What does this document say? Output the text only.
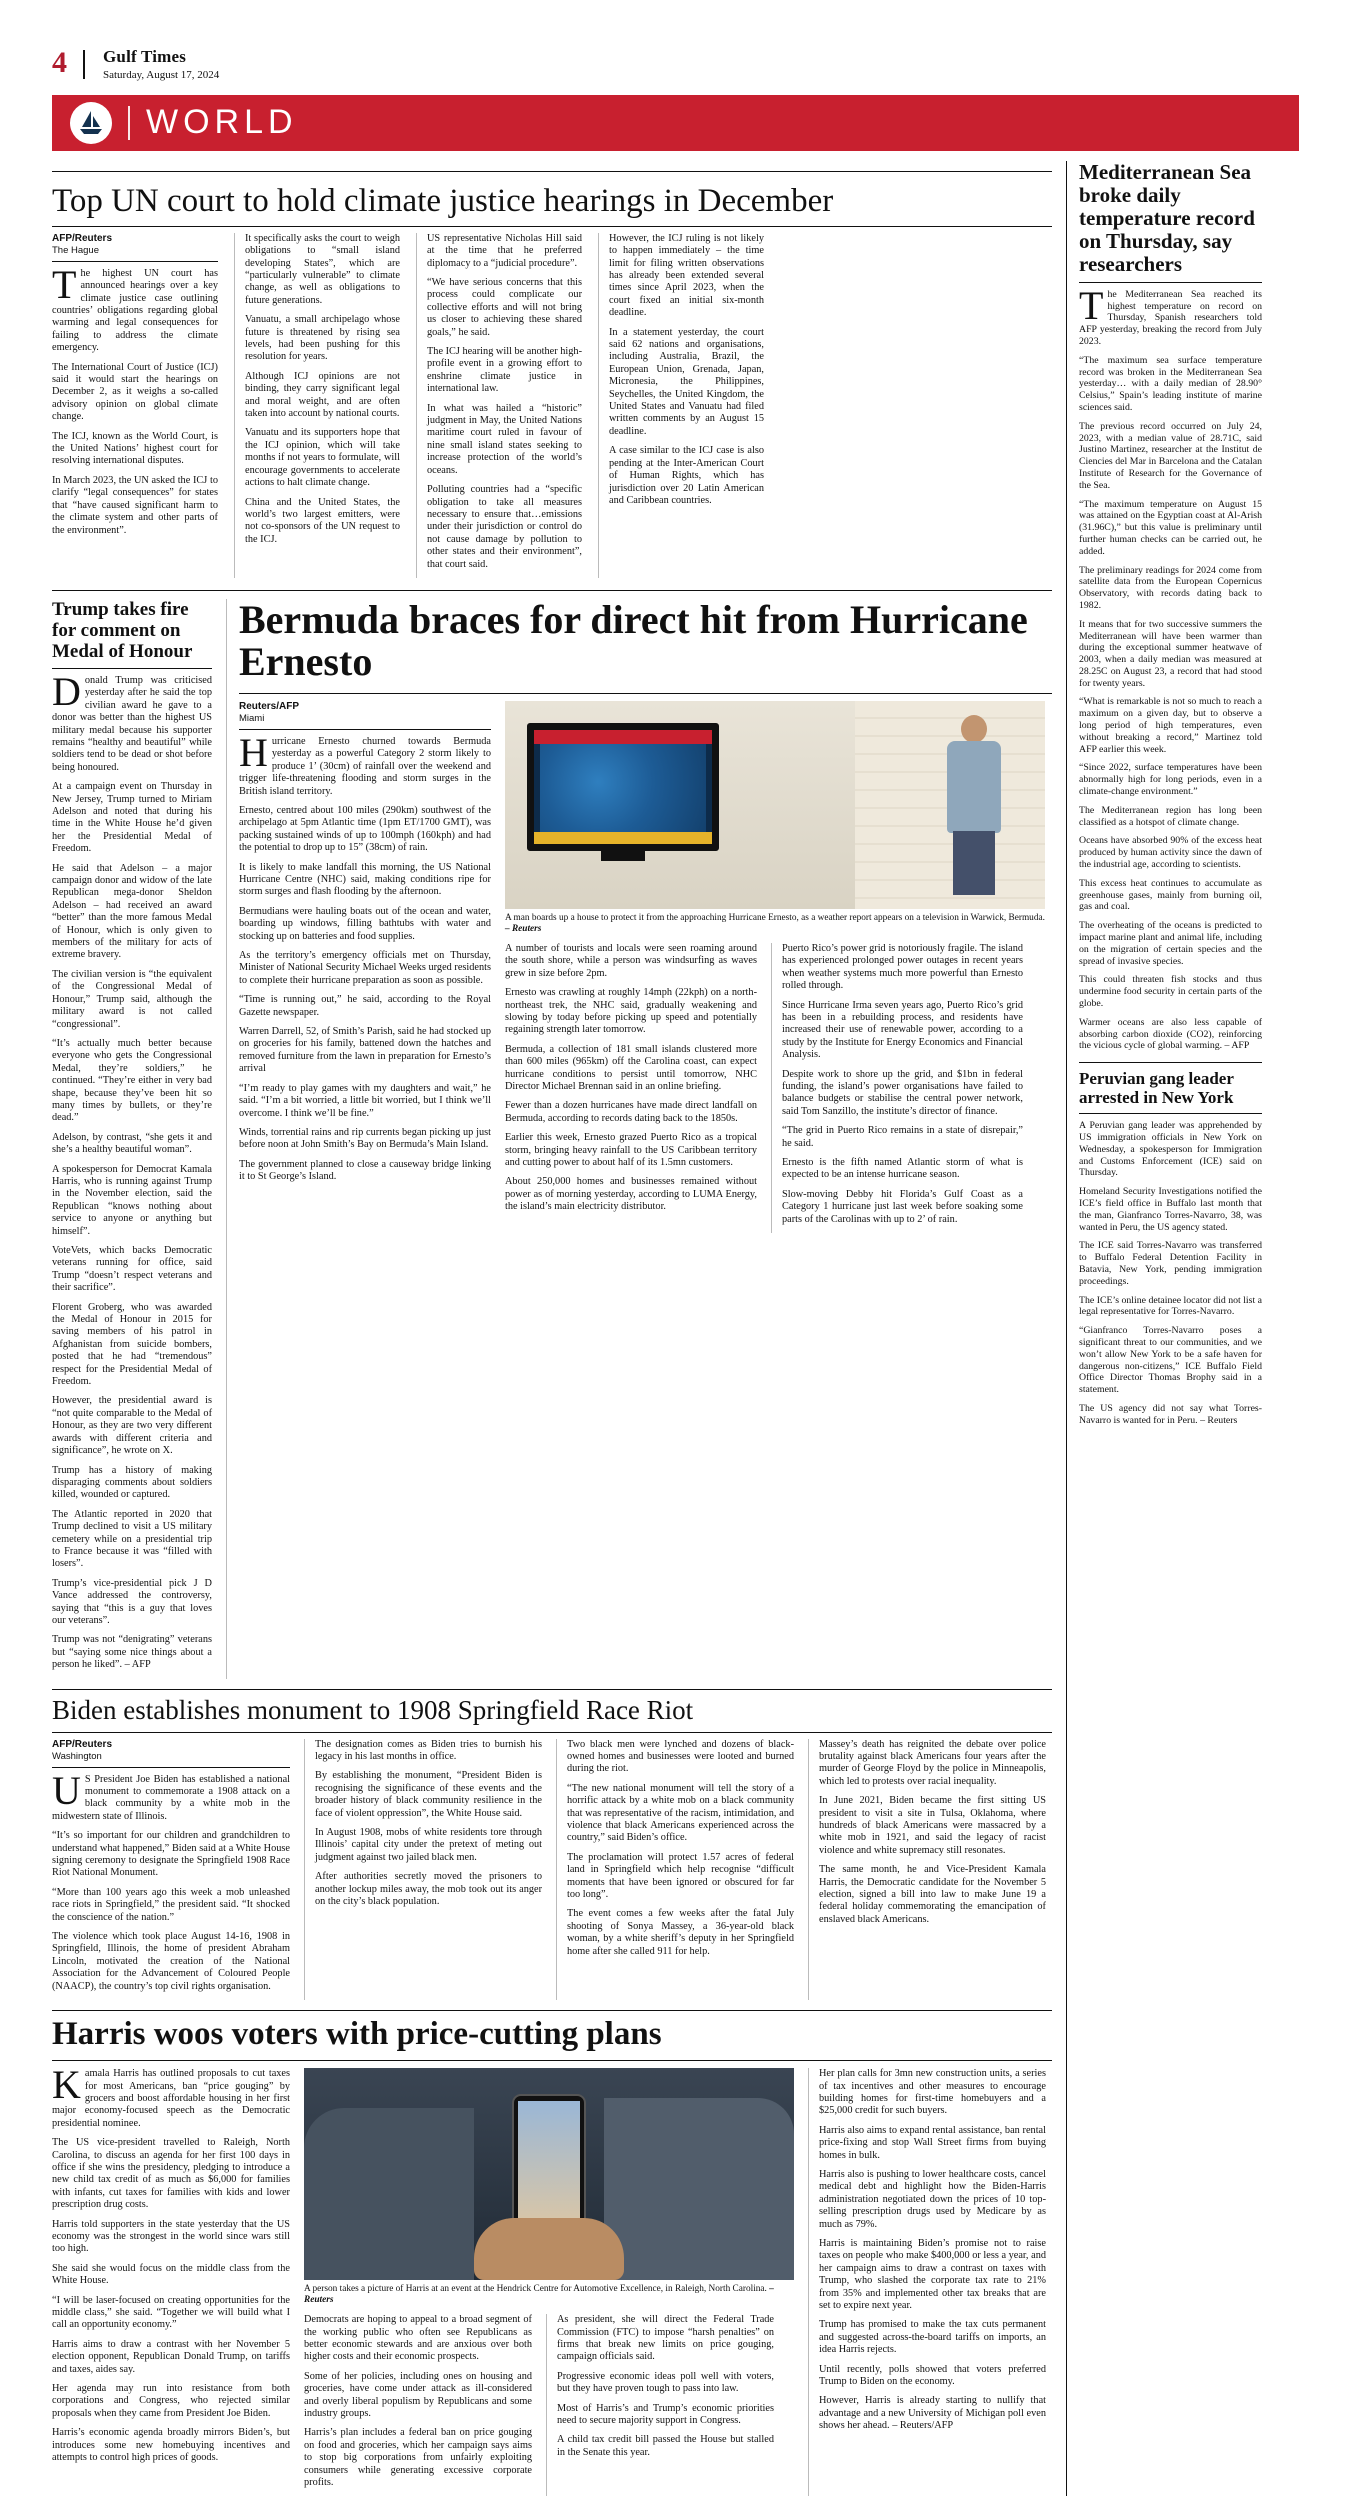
4 Gulf Times
Saturday, August 17, 2024
WORLD
Top UN court to hold climate justice hearings in December
AFP/Reuters
The Hague

The highest UN court has announced hearings over a key climate justice case outlining countries’ obligations regarding global warming and legal consequences for failing to address the climate emergency.

The International Court of Justice (ICJ) said it would start the hearings on December 2, as it weighs a so-called advisory opinion on global climate change.

The ICJ, known as the World Court, is the United Nations’ highest court for resolving international disputes.

In March 2023, the UN asked the ICJ to clarify “legal consequences” for states that “have caused significant harm to the climate system and other parts of the environment”.

It specifically asks the court to weigh obligations to “small island developing States”, which are “particularly vulnerable” to climate change, as well as obligations to future generations.

Vanuatu, a small archipelago whose future is threatened by rising sea levels, had been pushing for this resolution for years.

Although ICJ opinions are not binding, they carry significant legal and moral weight, and are often taken into account by national courts.

Vanuatu and its supporters hope that the ICJ opinion, which will take months if not years to formulate, will encourage governments to accelerate actions to halt climate change.

China and the United States, the world’s two largest emitters, were not co-sponsors of the UN request to the ICJ.

US representative Nicholas Hill said at the time that he preferred diplomacy to a “judicial procedure”.

“We have serious concerns that this process could complicate our collective efforts and will not bring us closer to achieving these shared goals,” he said.

The ICJ hearing will be another high-profile event in a growing effort to enshrine climate justice in international law.

In what was hailed a “historic” judgment in May, the United Nations maritime court ruled in favour of nine small island states seeking to increase protection of the world’s oceans.

Polluting countries had a “specific obligation to take all measures necessary to ensure that…emissions under their jurisdiction or control do not cause damage by pollution to other states and their environment”, that court said.

However, the ICJ ruling is not likely to happen immediately – the time limit for filing written observations has already been extended several times since April 2023, when the court fixed an initial six-month deadline.

In a statement yesterday, the court said 62 nations and organisations, including Australia, Brazil, the European Union, Grenada, Japan, Micronesia, the Philippines, Seychelles, the United Kingdom, the United States and Vanuatu had filed written comments by an August 15 deadline.

A case similar to the ICJ case is also pending at the Inter-American Court of Human Rights, which has jurisdiction over 20 Latin American and Caribbean countries.

Trump takes fire for comment on Medal of Honour

Donald Trump was criticised yesterday after he said the top civilian award he gave to a donor was better than the highest US military medal because his supporter remains “healthy and beautiful” while soldiers tend to be dead or shot before being honoured.

At a campaign event on Thursday in New Jersey, Trump turned to Miriam Adelson and noted that during his time in the White House he’d given her the Presidential Medal of Freedom.

He said that Adelson – a major campaign donor and widow of the late Republican mega-donor Sheldon Adelson – had received an award “better” than the more famous Medal of Honour, which is only given to members of the military for acts of extreme bravery.

The civilian version is “the equivalent of the Congressional Medal of Honour,” Trump said, although the military award is not called “congressional”.

“It’s actually much better because everyone who gets the Congressional Medal, they’re soldiers,” he continued. “They’re either in very bad shape, because they’ve been hit so many times by bullets, or they’re dead.”

Adelson, by contrast, “she gets it and she’s a healthy beautiful woman”.

A spokesperson for Democrat Kamala Harris, who is running against Trump in the November election, said the Republican “knows nothing about service to anyone or anything but himself”.

VoteVets, which backs Democratic veterans running for office, said Trump “doesn’t respect veterans and their sacrifice”.

Florent Groberg, who was awarded the Medal of Honour in 2015 for saving members of his patrol in Afghanistan from suicide bombers, posted that he had “tremendous” respect for the Presidential Medal of Freedom.

However, the presidential award is “not quite comparable to the Medal of Honour, as they are two very different awards with different criteria and significance”, he wrote on X.

Trump has a history of making disparaging comments about soldiers killed, wounded or captured.

The Atlantic reported in 2020 that Trump declined to visit a US military cemetery while on a presidential trip to France because it was “filled with losers”.

Trump’s vice-presidential pick J D Vance addressed the controversy, saying that “this is a guy that loves our veterans”.

Trump was not “denigrating” veterans but “saying some nice things about a person he liked”. – AFP

Bermuda braces for direct hit from Hurricane Ernesto
Reuters/AFP
Miami

Hurricane Ernesto churned towards Bermuda yesterday as a powerful Category 2 storm likely to produce 1’ (30cm) of rainfall over the weekend and trigger life-threatening flooding and storm surges in the British island territory.

Ernesto, centred about 100 miles (290km) southwest of the archipelago at 5pm Atlantic time (1pm ET/1700 GMT), was packing sustained winds of up to 100mph (160kph) and had the potential to drop up to 15” (38cm) of rain.

It is likely to make landfall this morning, the US National Hurricane Centre (NHC) said, making conditions ripe for storm surges and flash flooding by the afternoon.

Bermudians were hauling boats out of the ocean and water, boarding up windows, filling bathtubs with water and stocking up on batteries and food supplies.

As the territory’s emergency officials met on Thursday, Minister of National Security Michael Weeks urged residents to complete their hurricane preparation as soon as possible.

“Time is running out,” he said, according to the Royal Gazette newspaper.

Warren Darrell, 52, of Smith’s Parish, said he had stocked up on groceries for his family, battened down the hatches and removed furniture from the lawn in preparation for Ernesto’s arrival

“I’m ready to play games with my daughters and wait,” he said. “I’m a bit worried, a little bit worried, but I think we’ll overcome. I think we’ll be fine.”

Winds, torrential rains and rip currents began picking up just before noon at John Smith’s Bay on Bermuda’s Main Island.

The government planned to close a causeway bridge linking it to St George’s Island.

A man boards up a house to protect it from the approaching Hurricane Ernesto, as a weather report appears on a television in Warwick, Bermuda. – Reuters

A number of tourists and locals were seen roaming around the south shore, while a person was windsurfing as waves grew in size before 2pm.

Ernesto was crawling at roughly 14mph (22kph) on a north-northeast trek, the NHC said, gradually weakening and slowing by today before picking up speed and potentially regaining strength later tomorrow.

Bermuda, a collection of 181 small islands clustered more than 600 miles (965km) off the Carolina coast, can expect hurricane conditions to persist until tomorrow, NHC Director Michael Brennan said in an online briefing.

Fewer than a dozen hurricanes have made direct landfall on Bermuda, according to records dating back to the 1850s.

Earlier this week, Ernesto grazed Puerto Rico as a tropical storm, bringing heavy rainfall to the US Caribbean territory and cutting power to about half of its 1.5mn customers.

About 250,000 homes and businesses remained without power as of morning yesterday, according to LUMA Energy, the island’s main electricity distributor.

Puerto Rico’s power grid is notoriously fragile. The island has experienced prolonged power outages in recent years when weather systems much more powerful than Ernesto rolled through.

Since Hurricane Irma seven years ago, Puerto Rico’s grid has been in a rebuilding process, and residents have increased their use of renewable power, according to a study by the Institute for Energy Economics and Financial Analysis.

Despite work to shore up the grid, and $1bn in federal funding, the island’s power organisations have failed to balance budgets or stabilise the central power network, said Tom Sanzillo, the institute’s director of finance.

“The grid in Puerto Rico remains in a state of disrepair,” he said.

Ernesto is the fifth named Atlantic storm of what is expected to be an intense hurricane season.

Slow-moving Debby hit Florida’s Gulf Coast as a Category 1 hurricane just last week before soaking some parts of the Carolinas with up to 2’ of rain.

Biden establishes monument to 1908 Springfield Race Riot
AFP/Reuters
Washington

US President Joe Biden has established a national monument to commemorate a 1908 attack on a black community by a white mob in the midwestern state of Illinois.

“It’s so important for our children and grandchildren to understand what happened,” Biden said at a White House signing ceremony to designate the Springfield 1908 Race Riot National Monument.

“More than 100 years ago this week a mob unleashed race riots in Springfield,” the president said. “It shocked the conscience of the nation.”

The violence which took place August 14-16, 1908 in Springfield, Illinois, the home of president Abraham Lincoln, motivated the creation of the National Association for the Advancement of Coloured People (NAACP), the country’s top civil rights organisation.

The designation comes as Biden tries to burnish his legacy in his last months in office.

By establishing the monument, “President Biden is recognising the significance of these events and the broader history of black community resilience in the face of violent oppression”, the White House said.

In August 1908, mobs of white residents tore through Illinois’ capital city under the pretext of meting out judgment against two jailed black men.

After authorities secretly moved the prisoners to another lockup miles away, the mob took out its anger on the city’s black population.

Two black men were lynched and dozens of black-owned homes and businesses were looted and burned during the riot.

“The new national monument will tell the story of a horrific attack by a white mob on a black community that was representative of the racism, intimidation, and violence that black Americans experienced across the country,” said Biden’s office.

The proclamation will protect 1.57 acres of federal land in Springfield which help recognise “difficult moments that have been ignored or obscured for far too long”.

The event comes a few weeks after the fatal July shooting of Sonya Massey, a 36-year-old black woman, by a white sheriff’s deputy in her Springfield home after she called 911 for help.

Massey’s death has reignited the debate over police brutality against black Americans four years after the murder of George Floyd by the police in Minneapolis, which led to protests over racial inequality.

In June 2021, Biden became the first sitting US president to visit a site in Tulsa, Oklahoma, where hundreds of black Americans were massacred by a white mob in 1921, and said the legacy of racist violence and white supremacy still resonates.

The same month, he and Vice-President Kamala Harris, the Democratic candidate for the November 5 election, signed a bill into law to make June 19 a federal holiday commemorating the emancipation of enslaved black Americans.

Harris woos voters with price-cutting plans

Kamala Harris has outlined proposals to cut taxes for most Americans, ban “price gouging” by grocers and boost affordable housing in her first major economy-focused speech as the Democratic presidential nominee.

The US vice-president travelled to Raleigh, North Carolina, to discuss an agenda for her first 100 days in office if she wins the presidency, pledging to introduce a new child tax credit of as much as $6,000 for families with infants, cut taxes for families with kids and lower prescription drug costs.

Harris told supporters in the state yesterday that the US economy was the strongest in the world since wars still too high.

She said she would focus on the middle class from the White House.

“I will be laser-focused on creating opportunities for the middle class,” she said. “Together we will build what I call an opportunity economy.”

Harris aims to draw a contrast with her November 5 election opponent, Republican Donald Trump, on tariffs and taxes, aides say.

Her agenda may run into resistance from both corporations and Congress, who rejected similar proposals when they came from President Joe Biden.

Harris’s economic agenda broadly mirrors Biden’s, but introduces some new homebuying incentives and attempts to control high prices of goods.

A person takes a picture of Harris at an event at the Hendrick Centre for Automotive Excellence, in Raleigh, North Carolina. – Reuters

Democrats are hoping to appeal to a broad segment of the working public who often see Republicans as better economic stewards and are anxious over both higher costs and their economic prospects.

Some of her policies, including ones on housing and groceries, have come under attack as ill-considered and overly liberal populism by Republicans and some industry groups.

Harris’s plan includes a federal ban on price gouging on food and groceries, which her campaign says aims to stop big corporations from unfairly exploiting consumers while generating excessive corporate profits.

As president, she will direct the Federal Trade Commission (FTC) to impose “harsh penalties” on firms that break new limits on price gouging, campaign officials said.

Progressive economic ideas poll well with voters, but they have proven tough to pass into law.

Most of Harris’s and Trump’s economic priorities need to secure majority support in Congress.

A child tax credit bill passed the House but stalled in the Senate this year.

Her plan calls for 3mn new construction units, a series of tax incentives and other measures to encourage building homes for first-time homebuyers and a $25,000 credit for such buyers.

Harris also aims to expand rental assistance, ban rental price-fixing and stop Wall Street firms from buying homes in bulk.

Harris also is pushing to lower healthcare costs, cancel medical debt and highlight how the Biden-Harris administration negotiated down the prices of 10 top-selling prescription drugs used by Medicare by as much as 79%.

Harris is maintaining Biden’s promise not to raise taxes on people who make $400,000 or less a year, and her campaign aims to draw a contrast on taxes with Trump, who slashed the corporate tax rate to 21% from 35% and implemented other tax breaks that are set to expire next year.

Trump has promised to make the tax cuts permanent and suggested across-the-board tariffs on imports, an idea Harris rejects.

Until recently, polls showed that voters preferred Trump to Biden on the economy.

However, Harris is already starting to nullify that advantage and a new University of Michigan poll even shows her ahead. – Reuters/AFP

Mediterranean Sea broke daily temperature record on Thursday, say researchers

The Mediterranean Sea reached its highest temperature on record on Thursday, Spanish researchers told AFP yesterday, breaking the record from July 2023.

“The maximum sea surface temperature record was broken in the Mediterranean Sea yesterday… with a daily median of 28.90° Celsius,” Spain’s leading institute of marine sciences said.

The previous record occurred on July 24, 2023, with a median value of 28.71C, said Justino Martinez, researcher at the Institut de Ciencies del Mar in Barcelona and the Catalan Institute of Research for the Governance of the Sea.

“The maximum temperature on August 15 was attained on the Egyptian coast at Al-Arish (31.96C),” but this value is preliminary until further human checks can be carried out, he added.

The preliminary readings for 2024 come from satellite data from the European Copernicus Observatory, with records dating back to 1982.

It means that for two successive summers the Mediterranean will have been warmer than during the exceptional summer heatwave of 2003, when a daily median was measured at 28.25C on August 23, a record that had stood for twenty years.

“What is remarkable is not so much to reach a maximum on a given day, but to observe a long period of high temperatures, even without breaking a record,” Martinez told AFP earlier this week.

“Since 2022, surface temperatures have been abnormally high for long periods, even in a climate-change environment.”

The Mediterranean region has long been classified as a hotspot of climate change.

Oceans have absorbed 90% of the excess heat produced by human activity since the dawn of the industrial age, according to scientists.

This excess heat continues to accumulate as greenhouse gases, mainly from burning oil, gas and coal.

The overheating of the oceans is predicted to impact marine plant and animal life, including on the migration of certain species and the spread of invasive species.

This could threaten fish stocks and thus undermine food security in certain parts of the globe.

Warmer oceans are also less capable of absorbing carbon dioxide (CO2), reinforcing the vicious cycle of global warming. – AFP

Peruvian gang leader arrested in New York

A Peruvian gang leader was apprehended by US immigration officials in New York on Wednesday, a spokesperson for Immigration and Customs Enforcement (ICE) said on Thursday.

Homeland Security Investigations notified the ICE’s field office in Buffalo last month that the man, Gianfranco Torres-Navarro, 38, was wanted in Peru, the US agency stated.

The ICE said Torres-Navarro was transferred to Buffalo Federal Detention Facility in Batavia, New York, pending immigration proceedings.

The ICE’s online detainee locator did not list a legal representative for Torres-Navarro.

“Gianfranco Torres-Navarro poses a significant threat to our communities, and we won’t allow New York to be a safe haven for dangerous non-citizens,” ICE Buffalo Field Office Director Thomas Brophy said in a statement.

The US agency did not say what Torres-Navarro is wanted for in Peru. – Reuters
